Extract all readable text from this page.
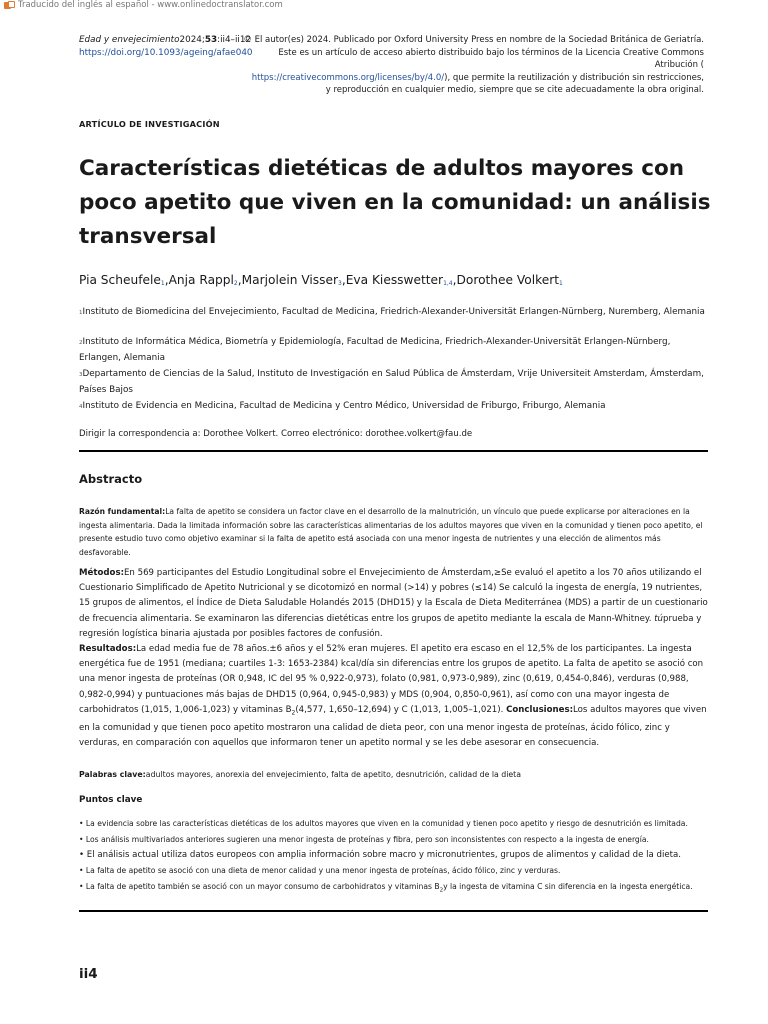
Traducido del inglés al español - www.onlinedoctranslator.com
Edad y envejecimiento2024;53:ii4–ii12
https://doi.org/10.1093/ageing/afae040
© El autor(es) 2024. Publicado por Oxford University Press en nombre de la Sociedad Británica de Geriatría.
Este es un artículo de acceso abierto distribuido bajo los términos de la Licencia Creative Commons Atribución (
https://creativecommons.org/licenses/by/4.0/), que permite la reutilización y distribución sin restricciones,
y reproducción en cualquier medio, siempre que se cite adecuadamente la obra original.
ARTÍCULO DE INVESTIGACIÓN
Características dietéticas de adultos mayores con poco apetito que viven en la comunidad: un análisis transversal
Pia Scheufele$_1$,Anja Rappl$_2$,Marjolein Visser$_3$,Eva Kiesswetter$_{1,4}$,Dorothee Volkert$_1$
1Instituto de Biomedicina del Envejecimiento, Facultad de Medicina, Friedrich-Alexander-Universität Erlangen-Nürnberg, Nuremberg, Alemania
2Instituto de Informática Médica, Biometría y Epidemiología, Facultad de Medicina, Friedrich-Alexander-Universität Erlangen-Nürnberg, Erlangen, Alemania
3Departamento de Ciencias de la Salud, Instituto de Investigación en Salud Pública de Ámsterdam, Vrije Universiteit Amsterdam, Ámsterdam, Países Bajos
4Instituto de Evidencia en Medicina, Facultad de Medicina y Centro Médico, Universidad de Friburgo, Friburgo, Alemania
Dirigir la correspondencia a: Dorothee Volkert. Correo electrónico: dorothee.volkert@fau.de
Abstracto
Razón fundamental:La falta de apetito se considera un factor clave en el desarrollo de la malnutrición, un vínculo que puede explicarse por alteraciones en la ingesta alimentaria. Dada la limitada información sobre las características alimentarias de los adultos mayores que viven en la comunidad y tienen poco apetito, el presente estudio tuvo como objetivo examinar si la falta de apetito está asociada con una menor ingesta de nutrientes y una elección de alimentos más desfavorable.
Métodos:En 569 participantes del Estudio Longitudinal sobre el Envejecimiento de Ámsterdam,≥Se evaluó el apetito a los 70 años utilizando el Cuestionario Simplificado de Apetito Nutricional y se dicotomizó en normal (>14) y pobres (≤14) Se calculó la ingesta de energía, 19 nutrientes, 15 grupos de alimentos, el Índice de Dieta Saludable Holandés 2015 (DHD15) y la Escala de Dieta Mediterránea (MDS) a partir de un cuestionario de frecuencia alimentaria. Se examinaron las diferencias dietéticas entre los grupos de apetito mediante la escala de Mann-Whitney. túprueba y regresión logística binaria ajustada por posibles factores de confusión.
Resultados:La edad media fue de 78 años.±6 años y el 52% eran mujeres. El apetito era escaso en el 12,5% de los participantes. La ingesta energética fue de 1951 (mediana; cuartiles 1-3: 1653-2384) kcal/día sin diferencias entre los grupos de apetito. La falta de apetito se asoció con una menor ingesta de proteínas (OR 0,948, IC del 95 % 0,922-0,973), folato (0,981, 0,973-0,989), zinc (0,619, 0,454-0,846), verduras (0,988, 0,982-0,994) y puntuaciones más bajas de DHD15 (0,964, 0,945-0,983) y MDS (0,904, 0,850-0,961), así como con una mayor ingesta de carbohidratos (1,015, 1,006-1,023) y vitaminas $B_2(4,577$, 1,650–12,694) y C (1,013, 1,005–1,021). Conclusiones:Los adultos mayores que viven en la comunidad y que tienen poco apetito mostraron una calidad de dieta peor, con una menor ingesta de proteínas, ácido fólico, zinc y verduras, en comparación con aquellos que informaron tener un apetito normal y se les debe asesorar en consecuencia.
Palabras clave:adultos mayores, anorexia del envejecimiento, falta de apetito, desnutrición, calidad de la dieta
Puntos clave
• La evidencia sobre las características dietéticas de los adultos mayores que viven en la comunidad y tienen poco apetito y riesgo de desnutrición es limitada.
• Los análisis multivariados anteriores sugieren una menor ingesta de proteínas y fibra, pero son inconsistentes con respecto a la ingesta de energía.
• El análisis actual utiliza datos europeos con amplia información sobre macro y micronutrientes, grupos de alimentos y calidad de la dieta.
• La falta de apetito se asoció con una dieta de menor calidad y una menor ingesta de proteínas, ácido fólico, zinc y verduras.
• La falta de apetito también se asoció con un mayor consumo de carbohidratos y vitaminas $B_2y$ la ingesta de vitamina C sin diferencia en la ingesta energética.
ii4
